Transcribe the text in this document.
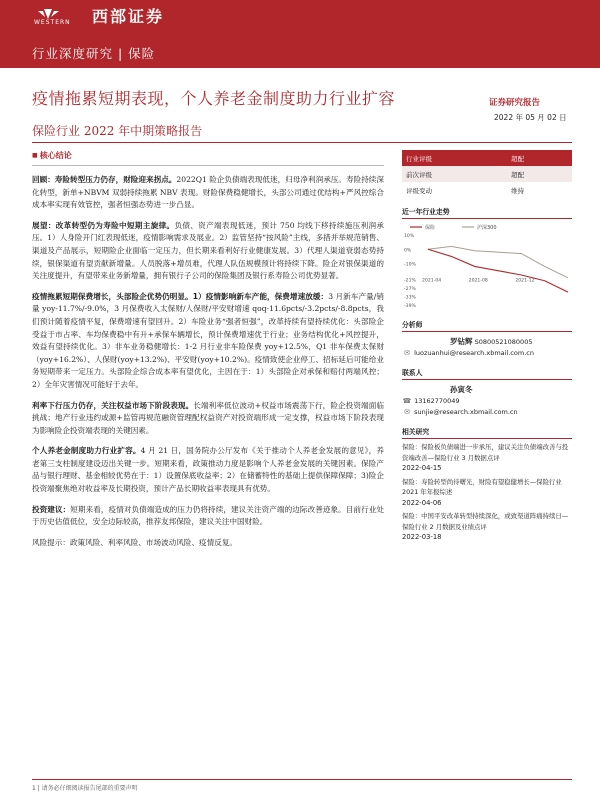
WESTERN 西部证券
行业深度研究 | 保险
疫情拖累短期表现，个人养老金制度助力行业扩容	证券研究报告
2022 年 05 月 02 日
保险行业 2022 年中期策略报告
■ 核心结论

回顾：寿险转型压力仍存，财险迎来拐点。2022Q1 险企负债端表现低迷，归母净利润承压。寿险持续深化转型，新单+NBVM 双弱持续拖累 NBV 表现。财险保费稳健增长，头部公司通过优结构+严风控综合成本率实现有效管控，强者恒强态势进一步凸显。

展望：改革转型仍为寿险中短期主旋律。负债、资产端表现低迷，预计 750 均线下移持续施压利润承压。1）人身险开门红表现低迷，疫情影响需求及展业。2）监管坚持“按风险”主线，多措并举规范销售、渠道及产品展示，短期险企业面临一定压力，但长期来看利好行业健康发展。3）代理人渠道衰弱态势持续，银保渠道有望贡献新增量。人员脱落+增员难，代理人队伍规模预计将持续下降。险企对银保渠道的关注度提升，有望带来业务新增量，拥有银行子公司的保险集团及银行系寿险公司优势显著。

疫情拖累短期保费增长，头部险企优势仍明显。1）疫情影响新车产能，保费增速放缓：3 月新车产量/销量 yoy-11.7%/-9.0%，3 月保费收入太保财/人保财/平安财增速 qoq-11.6pcts/-3.2pcts/-8.8pcts，我们预计随着疫情平复，保费增速有望回升。2）车险业务“强者恒强”，改革持续有望持续优化：头部险企受益于市占率、车均保费稳中有升+承保车辆增长，预计保费增速优于行业；业务结构优化+风控提升，效益有望持续优化。3）非车业务稳健增长：1-2 月行业非车险保费 yoy+12.5%，Q1 非车保费太保财（yoy+16.2%）、人保财(yoy+13.2%)、平安财(yoy+10.2%)。疫情致使企业停工、招标延后可能给业务短期带来一定压力。头部险企综合成本率有望优化，主因在于：1）头部险企对承保和赔付两端风控；2）全年灾害情况可能好于去年。

利率下行压力仍存，关注权益市场下阶段表现。长端利率低位波动+权益市场震荡下行，险企投资端面临挑战；地产行业违约或源+监管再规范融资管理配权益资产对投资端形成一定支撑，权益市场下阶段表现为影响险企投资端表现的关键因素。

个人养老金制度助力行业扩容。4 月 21 日，国务院办公厅发布《关于推动个人养老金发展的意见》，养老第三支柱制度建设迈出关键一步。短期来看，政策推动力度是影响个人养老金发展的关键因素。保险产品与银行理财、基金相较优势在于：1）设置保底收益率；2）在储蓄特性的基础上提供保障保障；3)险企投资端聚焦绝对收益率及长期投资，预计产品长期收益率表现具有优势。

投资建议：短期来看，疫情对负债端造成的压力仍将持续，建议关注资产端的边际改善迹象。目前行业处于历史估值低位，安全边际较高，推荐友邦保险，建议关注中国财险。

风险提示：政策风险、利率风险、市场波动风险、疫情反复。

行业评级	超配
前次评级	超配
评级变动	维持
近一年行业走势
保险	沪深300
10%
0%
-10%
-21%
-27%
-33%
-39%
2021-04	2021-08	2021-12
分析师
罗钻辉 S0800521080005
✉ luozuanhui@research.xbmail.com.cn
联系人
孙寅冬
☎ 13162770049
✉ sunjie@research.xbmail.com.cn
相关研究
保险：保险板负债端进一步承压，建议关注负债端改善与投资端改善—保险行业 3 月数据点评
2022-04-15
保险：寿险转型尚待曙光，财险有望稳健增长—保险行业 2021 年年报综述
2022-04-06
保险：中国平安改革转型持续深化，或致渠道阵痛持续日—保险行业 2 月数据及业绩点评
2022-03-18
1 | 请务必仔细阅读报告尾部的重要声明
